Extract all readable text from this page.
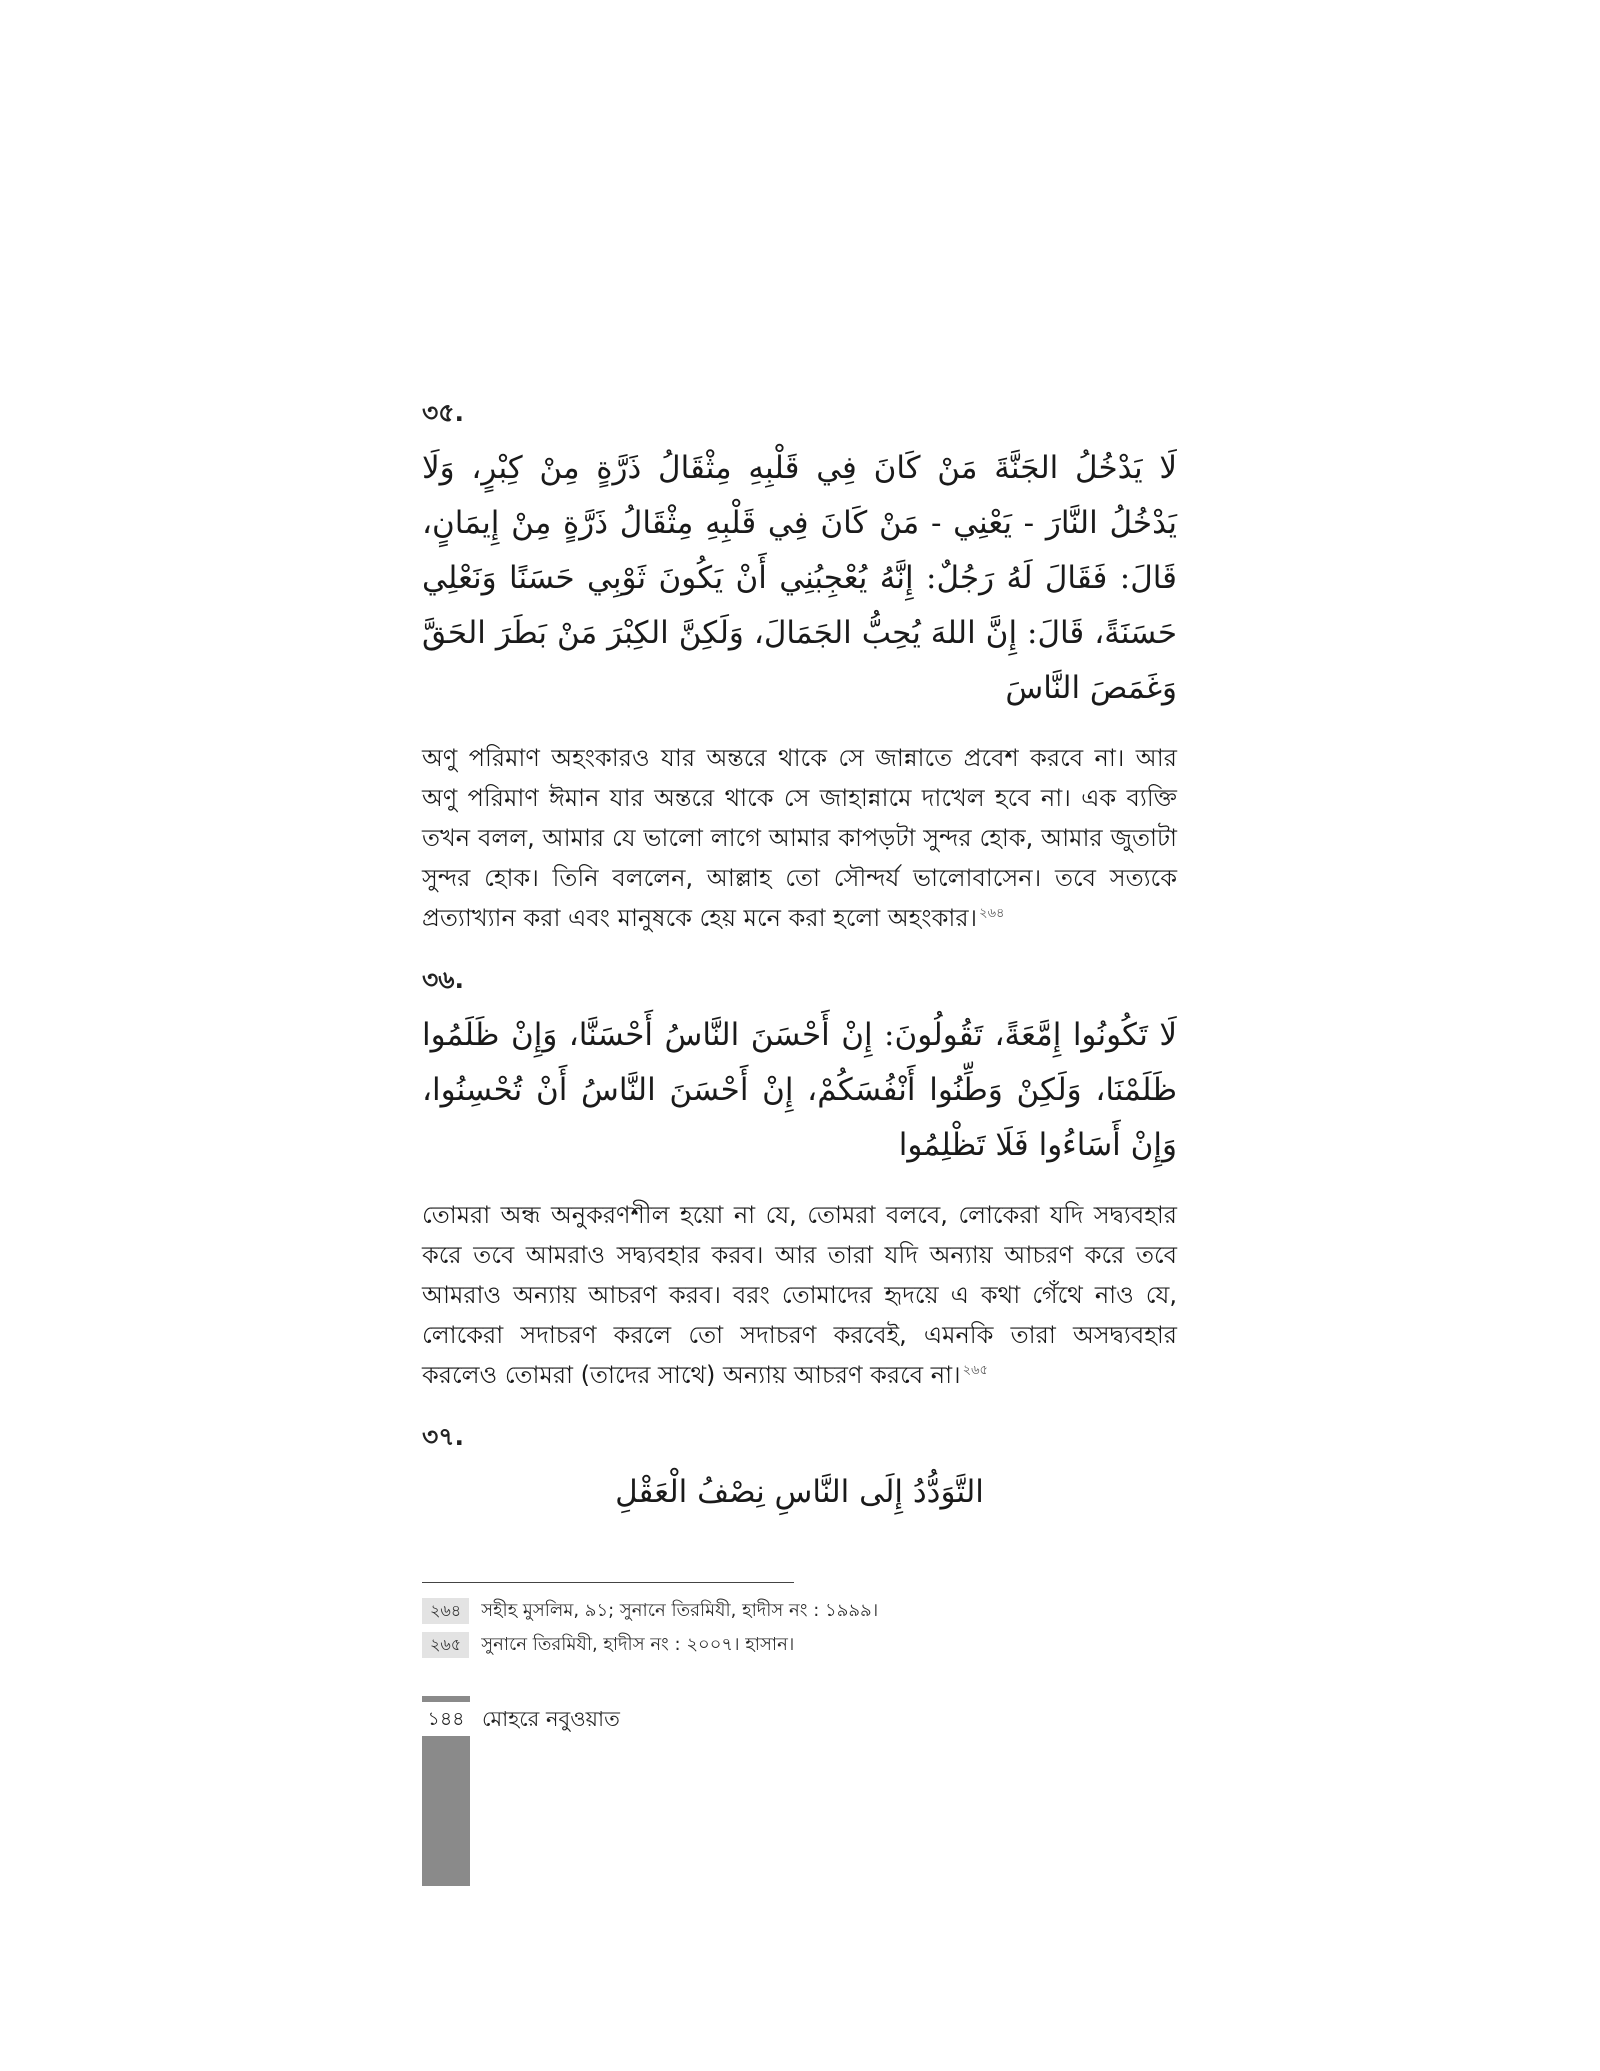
৩৫.
لَا يَدْخُلُ الجَنَّةَ مَنْ كَانَ فِي قَلْبِهِ مِثْقَالُ ذَرَّةٍ مِنْ كِبْرٍ، وَلَا يَدْخُلُ النَّارَ - يَعْنِي - مَنْ كَانَ فِي قَلْبِهِ مِثْقَالُ ذَرَّةٍ مِنْ إِيمَانٍ، قَالَ: فَقَالَ لَهُ رَجُلٌ: إِنَّهُ يُعْجِبُنِي أَنْ يَكُونَ ثَوْبِي حَسَنًا وَنَعْلِي حَسَنَةً، قَالَ: إِنَّ اللهَ يُحِبُّ الجَمَالَ، وَلَكِنَّ الكِبْرَ مَنْ بَطَرَ الحَقَّ وَغَمَصَ النَّاسَ

অণু পরিমাণ অহংকারও যার অন্তরে থাকে সে জান্নাতে প্রবেশ করবে না। আর অণু পরিমাণ ঈমান যার অন্তরে থাকে সে জাহান্নামে দাখেল হবে না। এক ব্যক্তি তখন বলল, আমার যে ভালো লাগে আমার কাপড়টা সুন্দর হোক, আমার জুতাটা সুন্দর হোক। তিনি বললেন, আল্লাহ তো সৌন্দর্য ভালোবাসেন। তবে সত্যকে প্রত্যাখ্যান করা এবং মানুষকে হেয় মনে করা হলো অহংকার। $^{২৬৪}$

৩৬.
لَا تَكُونُوا إِمَّعَةً، تَقُولُونَ: إِنْ أَحْسَنَ النَّاسُ أَحْسَنَّا، وَإِنْ ظَلَمُوا ظَلَمْنَا، وَلَكِنْ وَطِّنُوا أَنْفُسَكُمْ، إِنْ أَحْسَنَ النَّاسُ أَنْ تُحْسِنُوا، وَإِنْ أَسَاءُوا فَلَا تَظْلِمُوا

তোমরা অন্ধ অনুকরণশীল হয়ো না যে, তোমরা বলবে, লোকেরা যদি সদ্ব্যবহার করে তবে আমরাও সদ্ব্যবহার করব। আর তারা যদি অন্যায় আচরণ করে তবে আমরাও অন্যায় আচরণ করব। বরং তোমাদের হৃদয়ে এ কথা গেঁথে নাও যে, লোকেরা সদাচরণ করলে তো সদাচরণ করবেই, এমনকি তারা অসদ্ব্যবহার করলেও তোমরা (তাদের সাথে) অন্যায় আচরণ করবে না। $^{২৬৫}$

৩৭.
التَّوَدُّدُ إِلَى النَّاسِ نِصْفُ الْعَقْلِ
২৬৪	সহীহ মুসলিম, ৯১; সুনানে তিরমিযী, হাদীস নং : ১৯৯৯।
২৬৫	সুনানে তিরমিযী, হাদীস নং : ২০০৭। হাসান।
১৪৪ মোহরে নবুওয়াত
